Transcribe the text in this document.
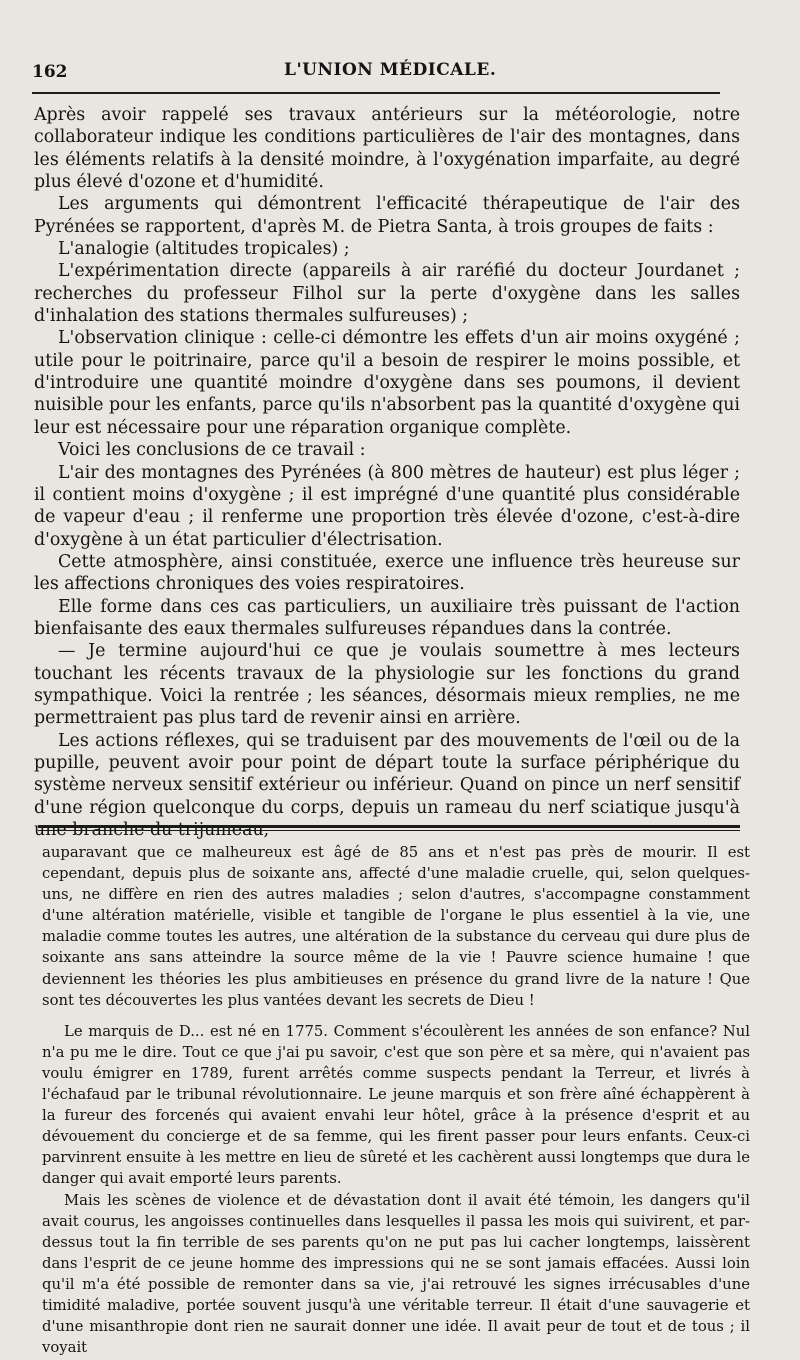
162	L'UNION MÉDICALE.

Après avoir rappelé ses travaux antérieurs sur la météorologie, notre collaborateur indique les conditions particulières de l'air des montagnes, dans les éléments relatifs à la densité moindre, à l'oxygénation imparfaite, au degré plus élevé d'ozone et d'humidité.

Les arguments qui démontrent l'efficacité thérapeutique de l'air des Pyrénées se rapportent, d'après M. de Pietra Santa, à trois groupes de faits :

L'analogie (altitudes tropicales) ;

L'expérimentation directe (appareils à air raréfié du docteur Jourdanet ; recherches du professeur Filhol sur la perte d'oxygène dans les salles d'inhalation des stations thermales sulfureuses) ;

L'observation clinique : celle-ci démontre les effets d'un air moins oxygéné ; utile pour le poitrinaire, parce qu'il a besoin de respirer le moins possible, et d'introduire une quantité moindre d'oxygène dans ses poumons, il devient nuisible pour les enfants, parce qu'ils n'absorbent pas la quantité d'oxygène qui leur est nécessaire pour une réparation organique complète.

Voici les conclusions de ce travail :

L'air des montagnes des Pyrénées (à 800 mètres de hauteur) est plus léger ; il contient moins d'oxygène ; il est imprégné d'une quantité plus considérable de vapeur d'eau ; il renferme une proportion très élevée d'ozone, c'est-à-dire d'oxygène à un état particulier d'électrisation.

Cette atmosphère, ainsi constituée, exerce une influence très heureuse sur les affections chroniques des voies respiratoires.

Elle forme dans ces cas particuliers, un auxiliaire très puissant de l'action bienfaisante des eaux thermales sulfureuses répandues dans la contrée.

— Je termine aujourd'hui ce que je voulais soumettre à mes lecteurs touchant les récents travaux de la physiologie sur les fonctions du grand sympathique. Voici la rentrée ; les séances, désormais mieux remplies, ne me permettraient pas plus tard de revenir ainsi en arrière.

Les actions réflexes, qui se traduisent par des mouvements de l'œil ou de la pupille, peuvent avoir pour point de départ toute la surface périphérique du système nerveux sensitif extérieur ou inférieur. Quand on pince un nerf sensitif d'une région quelconque du corps, depuis un rameau du nerf sciatique jusqu'à une branche du trijumeau,

auparavant que ce malheureux est âgé de 85 ans et n'est pas près de mourir. Il est cependant, depuis plus de soixante ans, affecté d'une maladie cruelle, qui, selon quelques-uns, ne diffère en rien des autres maladies ; selon d'autres, s'accompagne constamment d'une altération matérielle, visible et tangible de l'organe le plus essentiel à la vie, une maladie comme toutes les autres, une altération de la substance du cerveau qui dure plus de soixante ans sans atteindre la source même de la vie ! Pauvre science humaine ! que deviennent les théories les plus ambitieuses en présence du grand livre de la nature ! Que sont tes découvertes les plus vantées devant les secrets de Dieu !

Le marquis de D... est né en 1775. Comment s'écoulèrent les années de son enfance? Nul n'a pu me le dire. Tout ce que j'ai pu savoir, c'est que son père et sa mère, qui n'avaient pas voulu émigrer en 1789, furent arrêtés comme suspects pendant la Terreur, et livrés à l'échafaud par le tribunal révolutionnaire. Le jeune marquis et son frère aîné échappèrent à la fureur des forcenés qui avaient envahi leur hôtel, grâce à la présence d'esprit et au dévouement du concierge et de sa femme, qui les firent passer pour leurs enfants. Ceux-ci parvinrent ensuite à les mettre en lieu de sûreté et les cachèrent aussi longtemps que dura le danger qui avait emporté leurs parents.

Mais les scènes de violence et de dévastation dont il avait été témoin, les dangers qu'il avait courus, les angoisses continuelles dans lesquelles il passa les mois qui suivirent, et par-dessus tout la fin terrible de ses parents qu'on ne put pas lui cacher longtemps, laissèrent dans l'esprit de ce jeune homme des impressions qui ne se sont jamais effacées. Aussi loin qu'il m'a été possible de remonter dans sa vie, j'ai retrouvé les signes irrécusables d'une timidité maladive, portée souvent jusqu'à une véritable terreur. Il était d'une sauvagerie et d'une misanthropie dont rien ne saurait donner une idée. Il avait peur de tout et de tous ; il voyait
